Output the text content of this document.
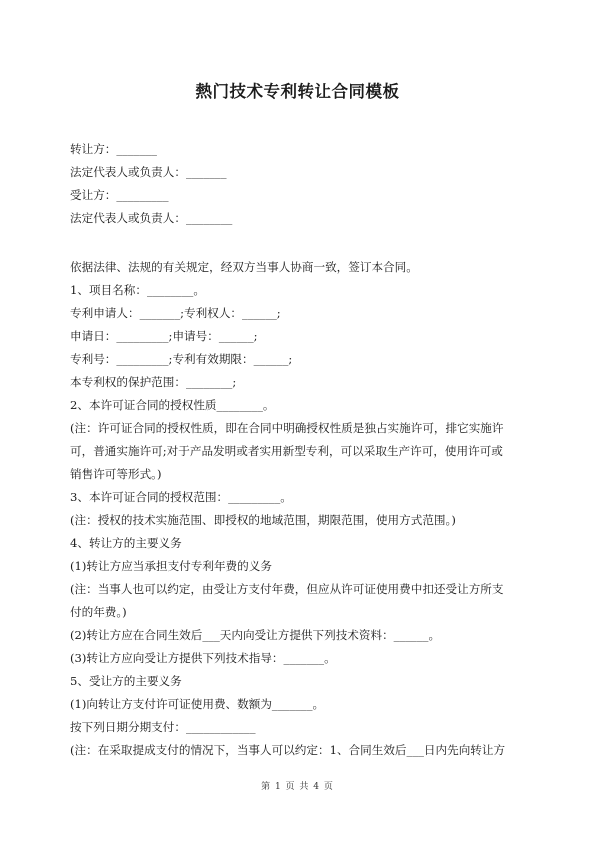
熱门技术专利转让合同模板
转让方：_______
法定代表人或负责人：_______
受让方：_________
法定代表人或负责人：________
依据法律、法规的有关规定，经双方当事人协商一致，签订本合同。
1、项目名称：________。
专利申请人：_______;专利权人：______;
申请日：_________;申请号：______;
专利号：_________;专利有效期限：______;
本专利权的保护范围：________;
2、本许可证合同的授权性质________。
(注：许可证合同的授权性质，即在合同中明确授权性质是独占实施许可，排它实施许
可，普通实施许可;对于产品发明或者实用新型专利，可以采取生产许可，使用许可或
销售许可等形式。)
3、本许可证合同的授权范围：_________。
(注：授权的技术实施范围、即授权的地域范围，期限范围，使用方式范围。)
4、转让方的主要义务
(1)转让方应当承担支付专利年费的义务
(注：当事人也可以约定，由受让方支付年费，但应从许可证使用费中扣还受让方所支
付的年费。)
(2)转让方应在合同生效后___天内向受让方提供下列技术资料：______。
(3)转让方应向受让方提供下列技术指导：_______。
5、受让方的主要义务
(1)向转让方支付许可证使用费、数额为_______。
按下列日期分期支付：____________
(注：在采取提成支付的情况下，当事人可以约定：1、合同生效后___日内先向转让方
第 1 页 共 4 页
